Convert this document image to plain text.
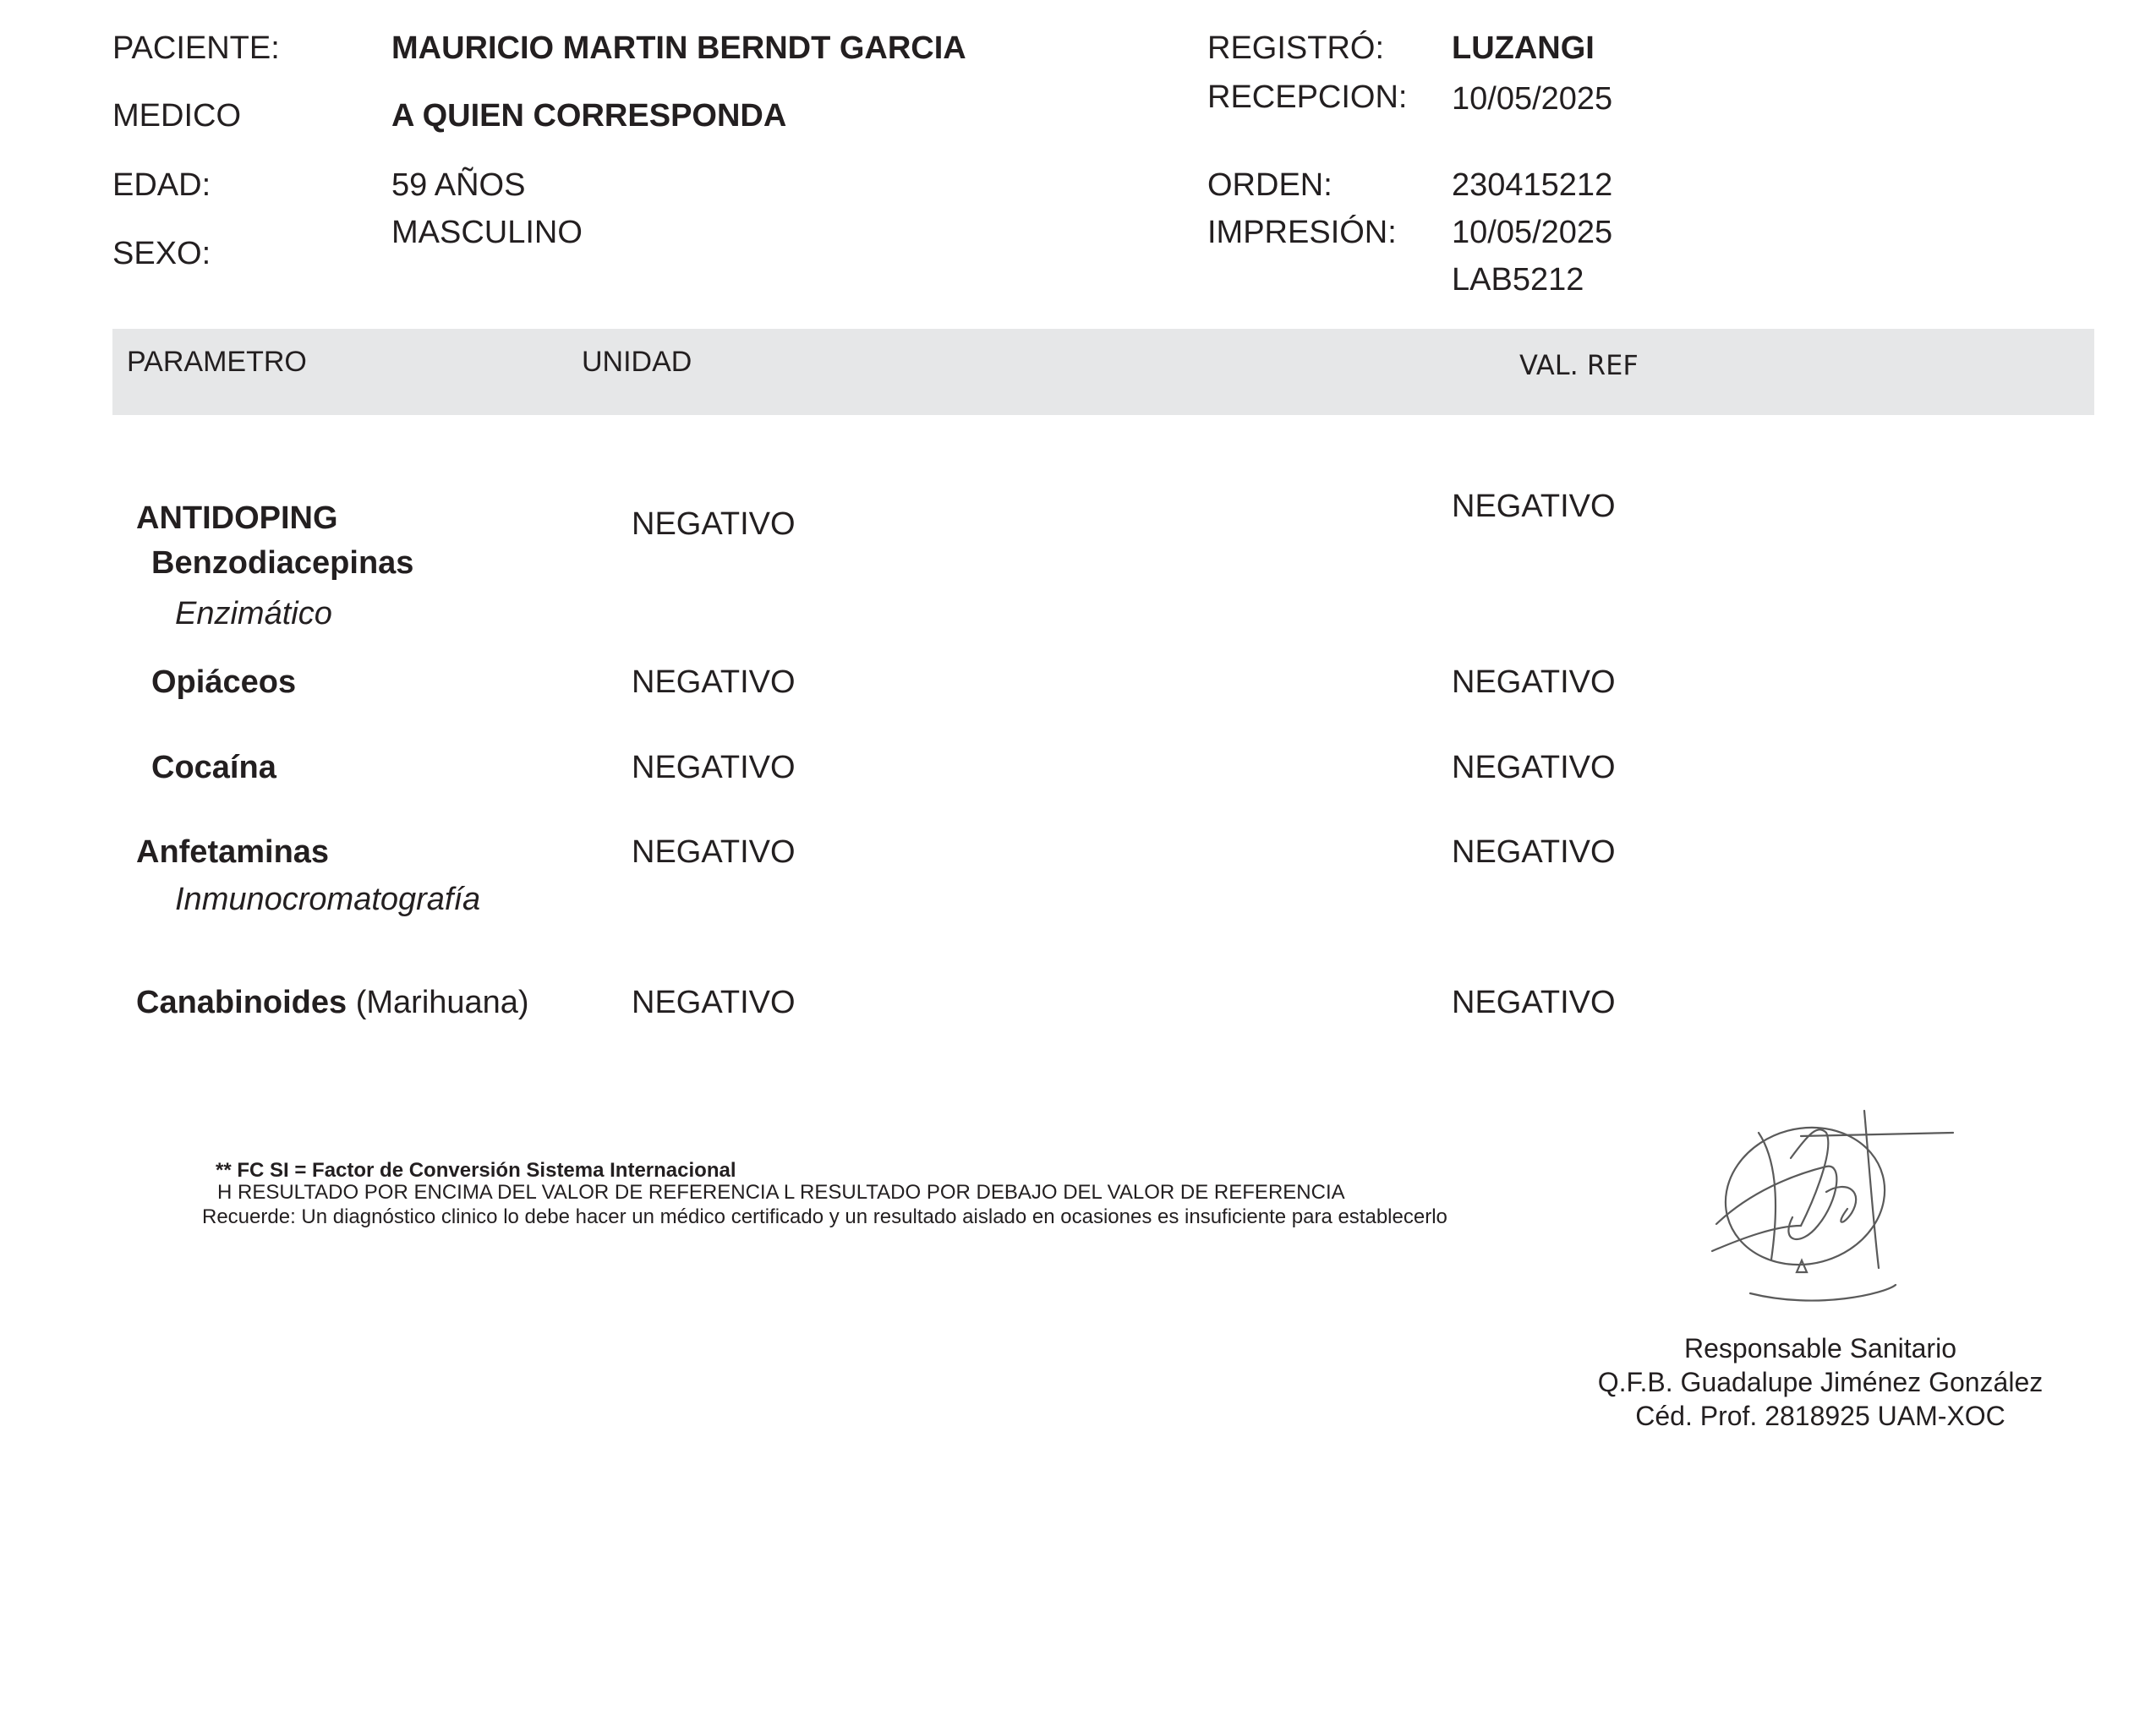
PACIENTE:	MAURICIO MARTIN BERNDT GARCIA
MEDICO	A QUIEN CORRESPONDA
EDAD:	59 AÑOS
SEXO:
MASCULINO
REGISTRÓ: LUZANGI
RECEPCION: 10/05/2025
ORDEN:	230415212
IMPRESIÓN: 10/05/2025
LAB5212
PARAMETRO	UNIDAD	VAL. REF
ANTIDOPING
Benzodiacepinas
Enzimático
NEGATIVO	NEGATIVO
Opiáceos	NEGATIVO	NEGATIVO
Cocaína	NEGATIVO	NEGATIVO
Anfetaminas
Inmunocromatografía
NEGATIVO	NEGATIVO
Canabinoides (Marihuana)	NEGATIVO	NEGATIVO
** FC SI = Factor de Conversión Sistema Internacional
H RESULTADO POR ENCIMA DEL VALOR DE REFERENCIA L RESULTADO POR DEBAJO DEL VALOR DE REFERENCIA
Recuerde: Un diagnóstico clinico lo debe hacer un médico certificado y un resultado aislado en ocasiones es insuficiente para establecerlo
Responsable Sanitario
Q.F.B. Guadalupe Jiménez González
Céd. Prof. 2818925 UAM-XOC
